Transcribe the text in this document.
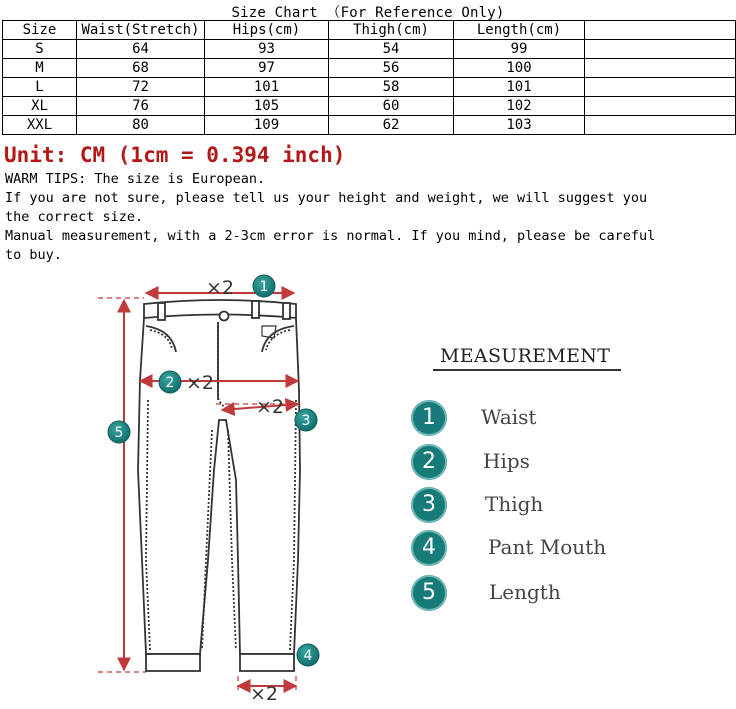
Size Chart （For Reference Only)
Size	Waist(Stretch)	Hips(cm)	Thigh(cm)	Length(cm)	
S	64	93	54	99	
M	68	97	56	100	
L	72	101	58	101	
XL	76	105	60	102	
XXL	80	109	62	103	
Unit: CM (1cm = 0.394 inch)
WARM TIPS: The size is European.
If you are not sure, please tell us your height and weight, we will suggest you
the correct size.
Manual measurement, with a 2-3cm error is normal. If you mind, please be careful
to buy.
×2
×2
×2
×2
1
2
3
4
5
MEASUREMENT
1	Waist
2	Hips
3	Thigh
4	Pant Mouth
5	Length
